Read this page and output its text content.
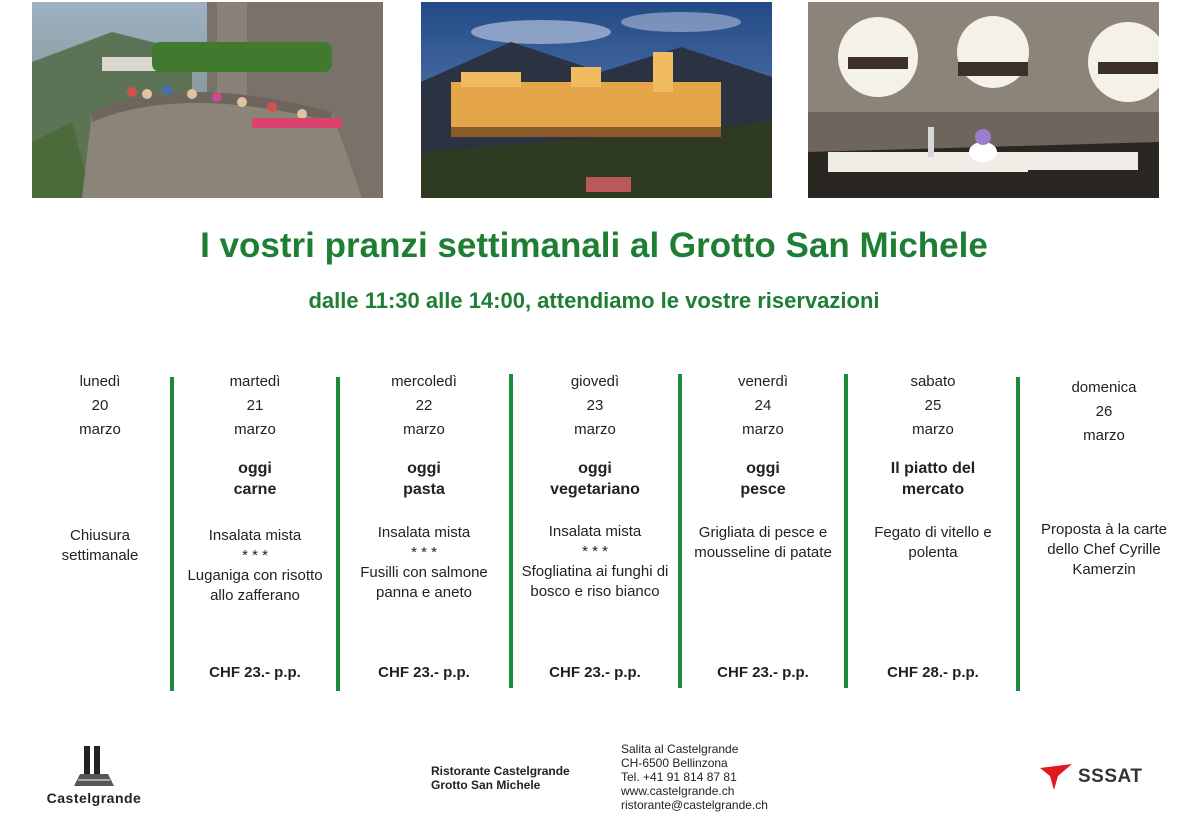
I vostri pranzi settimanali al Grotto San Michele
dalle 11:30 alle 14:00, attendiamo le vostre riservazioni
lunedì
20
marzo
Chiusura settimanale
martedì
21
marzo
oggi carne
Insalata mista
* * *
Luganiga con risotto allo zafferano
CHF 23.- p.p.
mercoledì
22
marzo
oggi pasta
Insalata mista
* * *
Fusilli con salmone panna e aneto
CHF 23.- p.p.
giovedì
23
marzo
oggi vegetariano
Insalata mista
* * *
Sfogliatina ai funghi di bosco e riso bianco
CHF 23.- p.p.
venerdì
24
marzo
oggi pesce
Grigliata di pesce e mousseline di patate
CHF 23.- p.p.
sabato
25
marzo
Il piatto del mercato
Fegato di vitello e polenta
CHF 28.- p.p.
domenica
26
marzo
Proposta à la carte dello Chef Cyrille Kamerzin
Castelgrande
Ristorante Castelgrande
Grotto San Michele
Salita al Castelgrande
CH-6500 Bellinzona
Tel. +41 91 814 87 81
www.castelgrande.ch
ristorante@castelgrande.ch
SSSAT
